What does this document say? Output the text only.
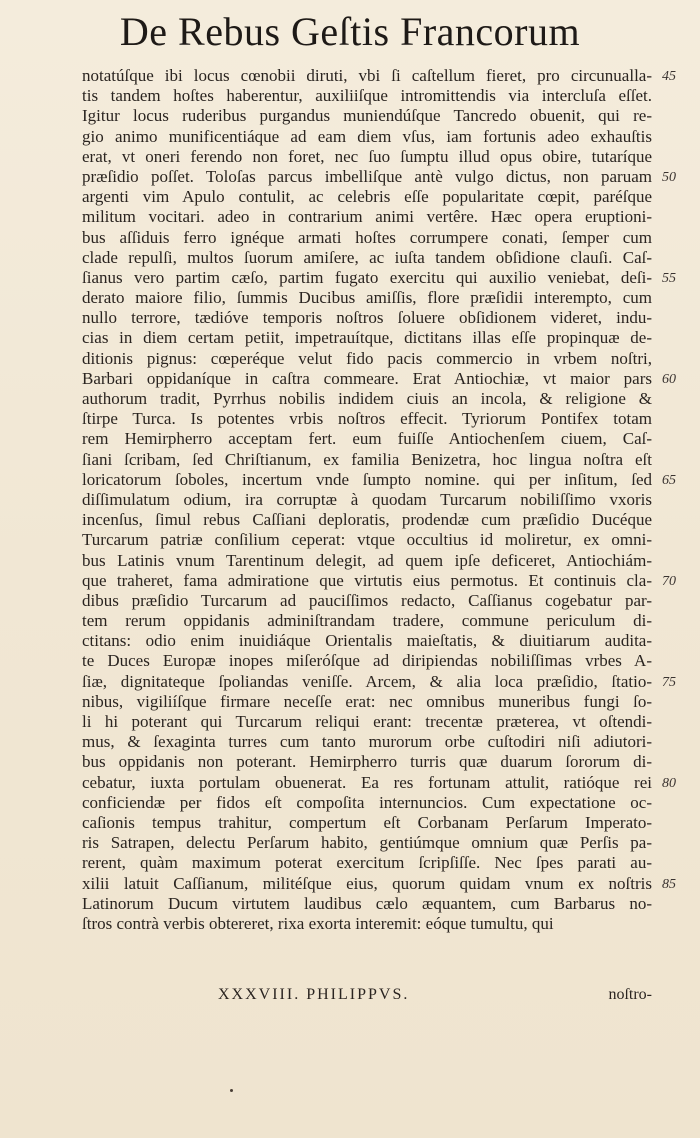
De Rebus Geſtis Francorum
notatúſque ibi locus cœnobii diruti, vbi ſi caſtellum fieret, pro circunualla-
tis tandem hoſtes haberentur, auxiliiſque intromittendis via intercluſa eſſet.
Igitur locus ruderibus purgandus muniendúſque Tancredo obuenit, qui re-
gio animo munificentiáque ad eam diem vſus, iam fortunis adeo exhauſtis
erat, vt oneri ferendo non foret, nec ſuo ſumptu illud opus obire, tutaríque
præſidio poſſet. Toloſas parcus imbelliſque antè vulgo dictus, non paruam
argenti vim Apulo contulit, ac celebris eſſe popularitate cœpit, paréſque
militum vocitari. adeo in contrarium animi vertêre. Hæc opera eruptioni-
bus aſſiduis ferro ignéque armati hoſtes corrumpere conati, ſemper cum
clade repulſi, multos ſuorum amiſere, ac iuſta tandem obſidione clauſi. Caſ-
ſianus vero partim cæſo, partim fugato exercitu qui auxilio veniebat, deſi-
derato maiore filio, ſummis Ducibus amiſſis, flore præſidii interempto, cum
nullo terrore, tædióve temporis noſtros ſoluere obſidionem videret, indu-
cias in diem certam petiit, impetrauítque, dictitans illas eſſe propinquæ de-
ditionis pignus: cœperéque velut fido pacis commercio in vrbem noſtri,
Barbari oppidaníque in caſtra commeare. Erat Antiochiæ, vt maior pars
authorum tradit, Pyrrhus nobilis indidem ciuis an incola, & religione &
ſtirpe Turca. Is potentes vrbis noſtros effecit. Tyriorum Pontifex totam
rem Hemirpherro acceptam fert. eum fuiſſe Antiochenſem ciuem, Caſ-
ſiani ſcribam, ſed Chriſtianum, ex familia Benizetra, hoc lingua noſtra eſt
loricatorum ſoboles, incertum vnde ſumpto nomine. qui per inſitum, ſed
diſſimulatum odium, ira corruptæ à quodam Turcarum nobiliſſimo vxoris
incenſus, ſimul rebus Caſſiani deploratis, prodendæ cum præſidio Ducéque
Turcarum patriæ conſilium ceperat: vtque occultius id moliretur, ex omni-
bus Latinis vnum Tarentinum delegit, ad quem ipſe deficeret, Antiochiám-
que traheret, fama admiratione que virtutis eius permotus. Et continuis cla-
dibus præſidio Turcarum ad pauciſſimos redacto, Caſſianus cogebatur par-
tem rerum oppidanis adminiſtrandam tradere, commune periculum di-
ctitans: odio enim inuidiáque Orientalis maieſtatis, & diuitiarum audita-
te Duces Europæ inopes miſeróſque ad diripiendas nobiliſſimas vrbes A-
ſiæ, dignitateque ſpoliandas veniſſe. Arcem, & alia loca præſidio, ſtatio-
nibus, vigiliíſque firmare neceſſe erat: nec omnibus muneribus fungi ſo-
li hi poterant qui Turcarum reliqui erant: trecentæ præterea, vt oſtendi-
mus, & ſexaginta turres cum tanto murorum orbe cuſtodiri niſi adiutori-
bus oppidanis non poterant. Hemirpherro turris quæ duarum ſororum di-
cebatur, iuxta portulam obuenerat. Ea res fortunam attulit, ratióque rei
conficiendæ per fidos eſt compoſita internuncios. Cum expectatione oc-
caſionis tempus trahitur, compertum eſt Corbanam Perſarum Imperato-
ris Satrapen, delectu Perſarum habito, gentiúmque omnium quæ Perſis pa-
rerent, quàm maximum poterat exercitum ſcripſiſſe. Nec ſpes parati au-
xilii latuit Caſſianum, militéſque eius, quorum quidam vnum ex noſtris
Latinorum Ducum virtutem laudibus cælo æquantem, cum Barbarus no-
ſtros contrà verbis obtereret, rixa exorta interemit: eóque tumultu, qui
45
50
55
60
65
70
75
80
85
XXXVIII. PHILIPPVS.	noſtro-
